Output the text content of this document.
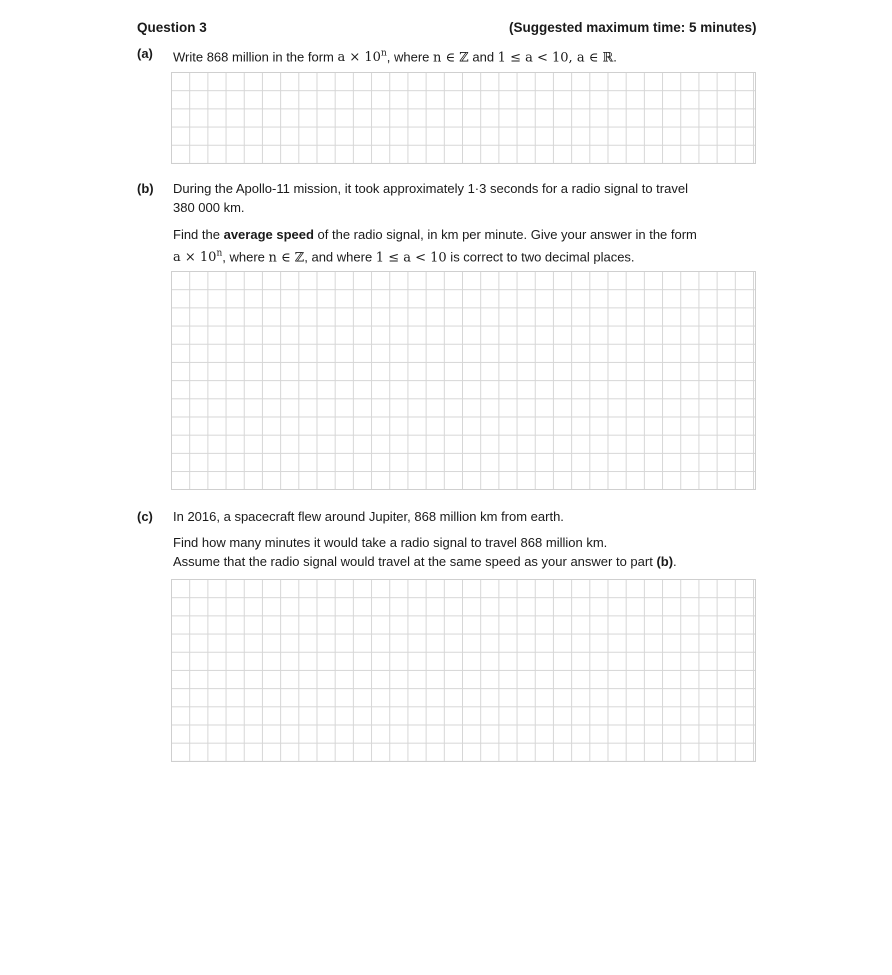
Question 3	(Suggested maximum time: 5 minutes)
(a) Write 868 million in the form $a \times 10^n$, where n ∈ ℤ and 1 ≤ a < 10, a ∈ ℝ.
(b) During the Apollo-11 mission, it took approximately 1·3 seconds for a radio signal to travel
380 000 km.
Find the average speed of the radio signal, in km per minute. Give your answer in the form
$a \times 10^n$, where n ∈ ℤ, and where 1 ≤ a < 10 is correct to two decimal places.
(c) In 2016, a spacecraft flew around Jupiter, 868 million km from earth.
Find how many minutes it would take a radio signal to travel 868 million km.
Assume that the radio signal would travel at the same speed as your answer to part (b).
